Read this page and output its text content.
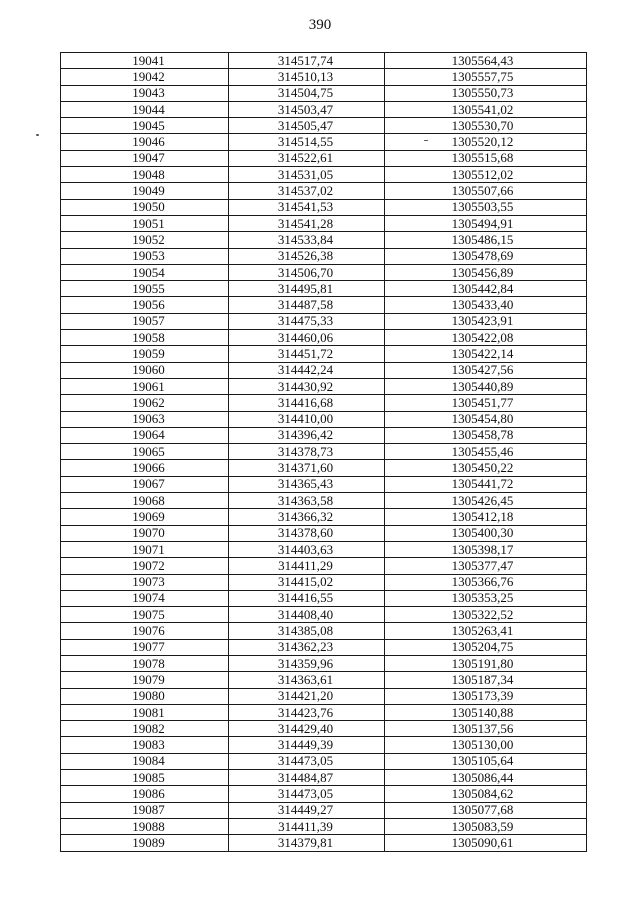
390
19041	314517,74	1305564,43
19042	314510,13	1305557,75
19043	314504,75	1305550,73
19044	314503,47	1305541,02
19045	314505,47	1305530,70
19046	314514,55	1305520,12
19047	314522,61	1305515,68
19048	314531,05	1305512,02
19049	314537,02	1305507,66
19050	314541,53	1305503,55
19051	314541,28	1305494,91
19052	314533,84	1305486,15
19053	314526,38	1305478,69
19054	314506,70	1305456,89
19055	314495,81	1305442,84
19056	314487,58	1305433,40
19057	314475,33	1305423,91
19058	314460,06	1305422,08
19059	314451,72	1305422,14
19060	314442,24	1305427,56
19061	314430,92	1305440,89
19062	314416,68	1305451,77
19063	314410,00	1305454,80
19064	314396,42	1305458,78
19065	314378,73	1305455,46
19066	314371,60	1305450,22
19067	314365,43	1305441,72
19068	314363,58	1305426,45
19069	314366,32	1305412,18
19070	314378,60	1305400,30
19071	314403,63	1305398,17
19072	314411,29	1305377,47
19073	314415,02	1305366,76
19074	314416,55	1305353,25
19075	314408,40	1305322,52
19076	314385,08	1305263,41
19077	314362,23	1305204,75
19078	314359,96	1305191,80
19079	314363,61	1305187,34
19080	314421,20	1305173,39
19081	314423,76	1305140,88
19082	314429,40	1305137,56
19083	314449,39	1305130,00
19084	314473,05	1305105,64
19085	314484,87	1305086,44
19086	314473,05	1305084,62
19087	314449,27	1305077,68
19088	314411,39	1305083,59
19089	314379,81	1305090,61
